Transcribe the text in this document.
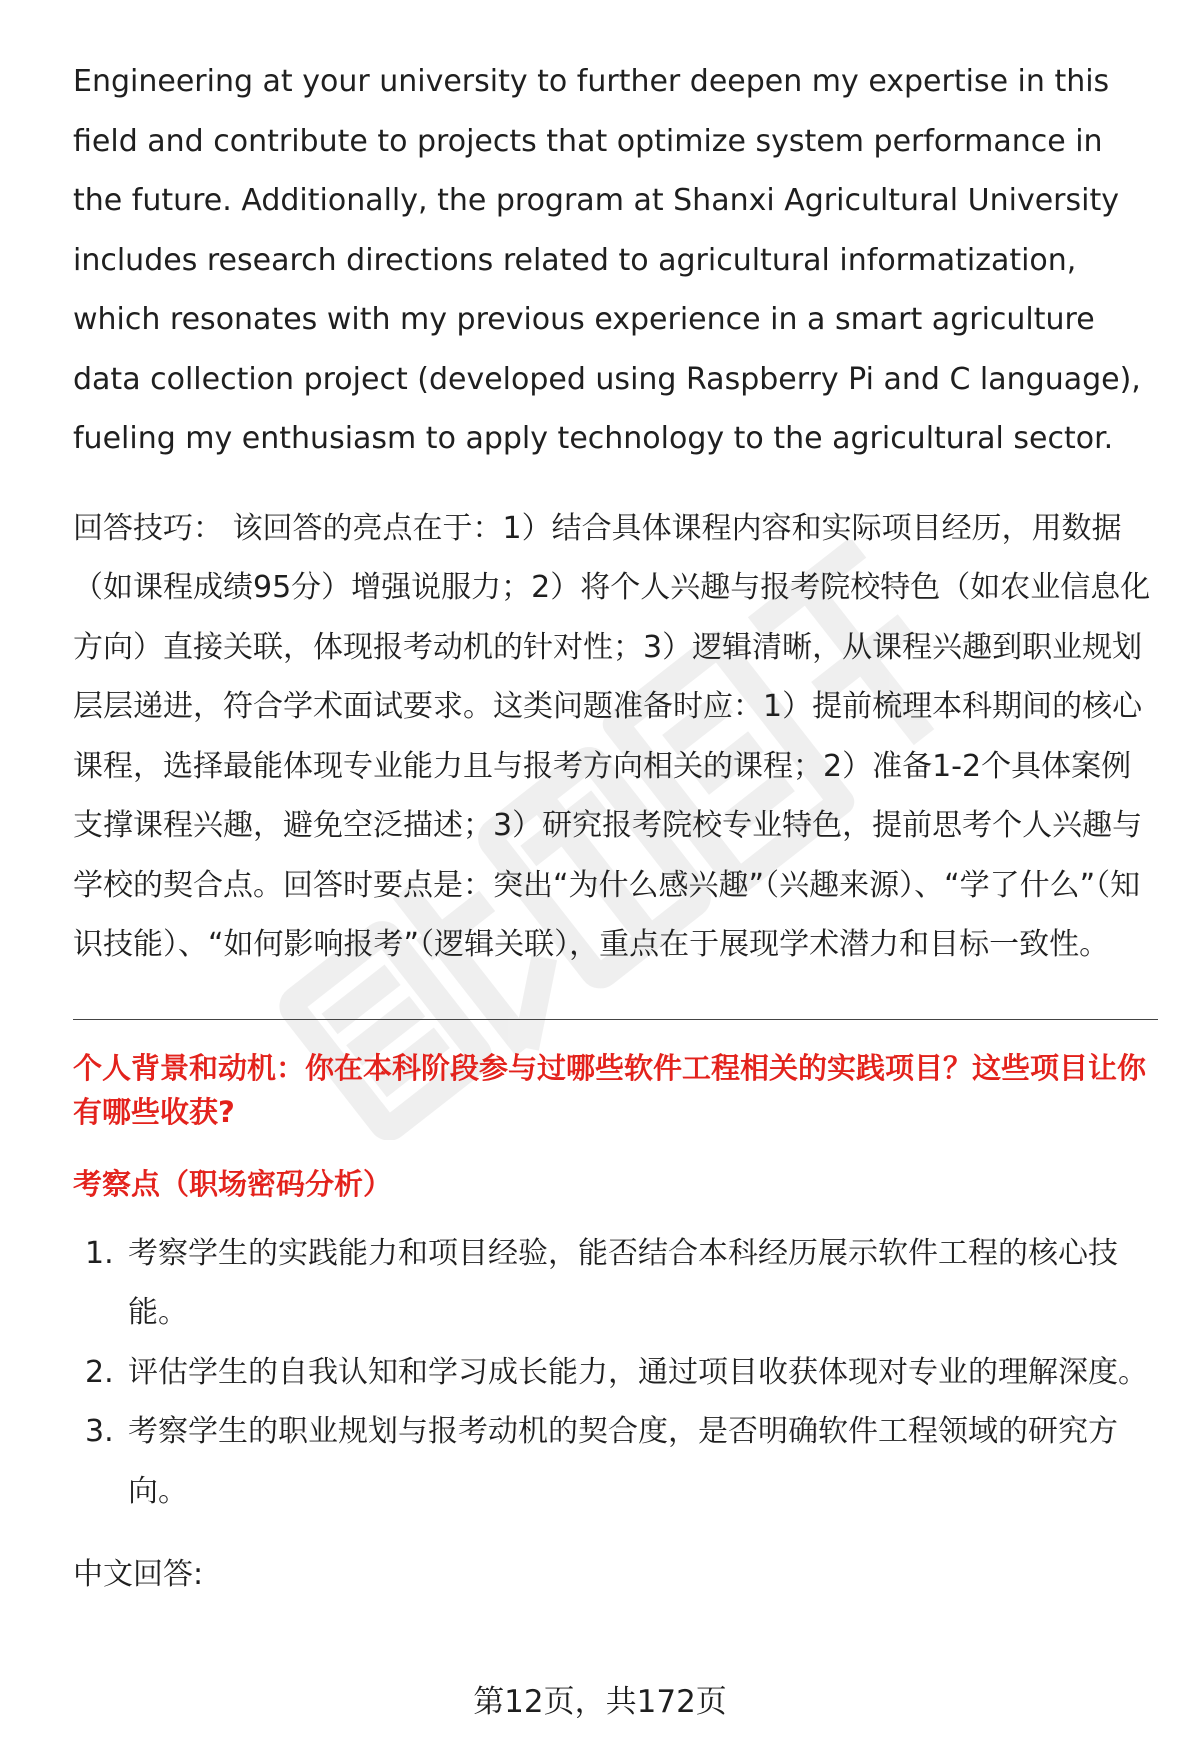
Engineering at your university to further deepen my expertise in this field and contribute to projects that optimize system performance in the future. Additionally, the program at Shanxi Agricultural University includes research directions related to agricultural informatization, which resonates with my previous experience in a smart agriculture data collection project (developed using Raspberry Pi and C language), fueling my enthusiasm to apply technology to the agricultural sector.

回答技巧： 该回答的亮点在于：1）结合具体课程内容和实际项目经历，用数据（如课程成绩95分）增强说服力；2）将个人兴趣与报考院校特色（如农业信息化方向）直接关联，体现报考动机的针对性；3）逻辑清晰，从课程兴趣到职业规划层层递进，符合学术面试要求。这类问题准备时应：1）提前梳理本科期间的核心课程，选择最能体现专业能力且与报考方向相关的课程；2）准备1-2个具体案例支撑课程兴趣，避免空泛描述；3）研究报考院校专业特色，提前思考个人兴趣与学校的契合点。回答时要点是：突出“为什么感兴趣”（兴趣来源）、“学了什么”（知识技能）、“如何影响报考”（逻辑关联），重点在于展现学术潜力和目标一致性。

个人背景和动机：你在本科阶段参与过哪些软件工程相关的实践项目？这些项目让你有哪些收获?

考察点（职场密码分析）

1. 考察学生的实践能力和项目经验，能否结合本科经历展示软件工程的核心技能。
2. 评估学生的自我认知和学习成长能力，通过项目收获体现对专业的理解深度。
3. 考察学生的职业规划与报考动机的契合度，是否明确软件工程领域的研究方向。

中文回答:

第12页，共172页
